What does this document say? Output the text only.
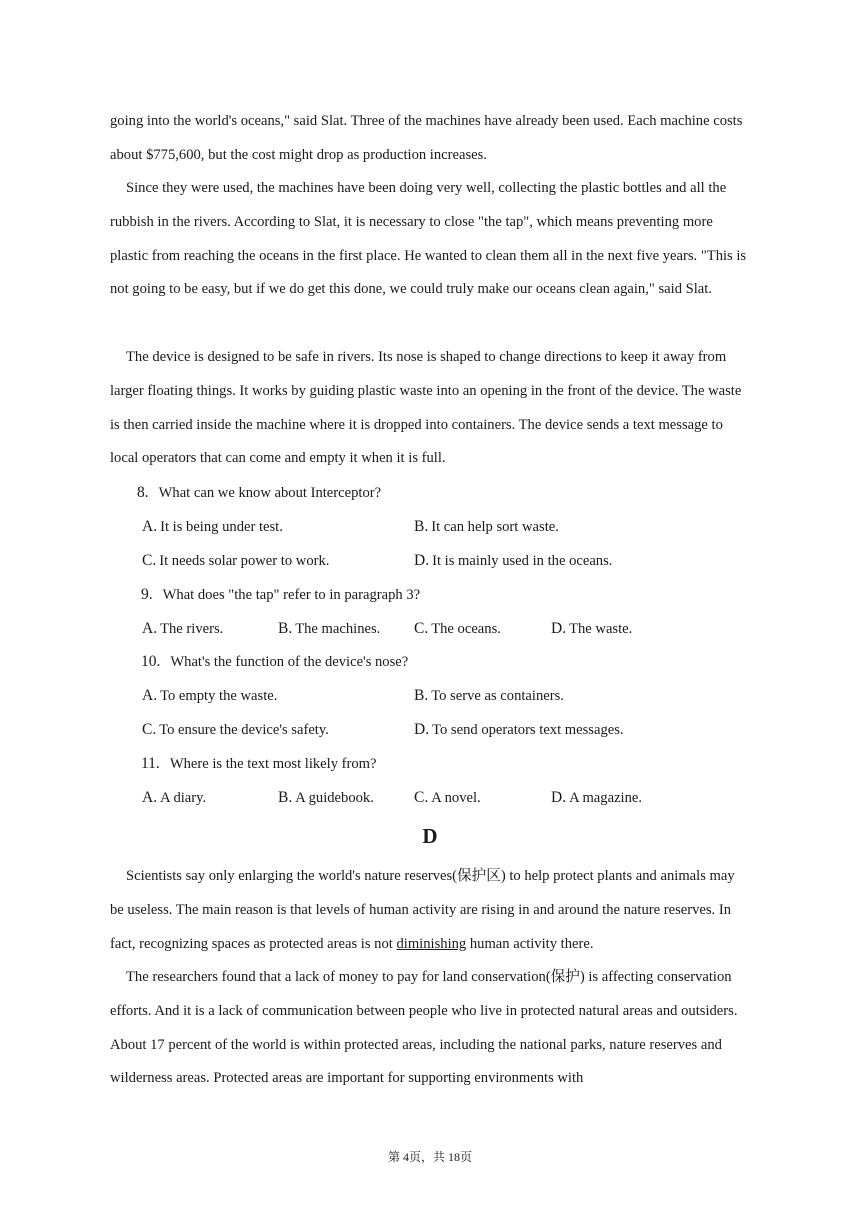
going into the world's oceans," said Slat. Three of the machines have already been used. Each machine costs about $775,600, but the cost might drop as production increases.

Since they were used, the machines have been doing very well, collecting the plastic bottles and all the rubbish in the rivers. According to Slat, it is necessary to close "the tap", which means preventing more plastic from reaching the oceans in the first place. He wanted to clean them all in the next five years. "This is not going to be easy, but if we do get this done, we could truly make our oceans clean again," said Slat.

The device is designed to be safe in rivers. Its nose is shaped to change directions to keep it away from larger floating things. It works by guiding plastic waste into an opening in the front of the device. The waste is then carried inside the machine where it is dropped into containers. The device sends a text message to local operators that can come and empty it when it is full.

8. What can we know about Interceptor?
A. It is being under test.	B. It can help sort waste.
C. It needs solar power to work.	D. It is mainly used in the oceans.
9. What does "the tap" refer to in paragraph 3?
A. The rivers.	B. The machines. C. The oceans.	D. The waste.
10. What's the function of the device's nose?
A. To empty the waste.	B. To serve as containers.
C. To ensure the device's safety.	D. To send operators text messages.
11. Where is the text most likely from?
A. A diary.	B. A guidebook.	C. A novel.	D. A magazine.
D

Scientists say only enlarging the world's nature reserves(保护区) to help protect plants and animals may be useless. The main reason is that levels of human activity are rising in and around the nature reserves. In fact, recognizing spaces as protected areas is not diminishing human activity there.

The researchers found that a lack of money to pay for land conservation(保护) is affecting conservation efforts. And it is a lack of communication between people who live in protected natural areas and outsiders. About 17 percent of the world is within protected areas, including the national parks, nature reserves and wilderness areas. Protected areas are important for supporting environments with

第 4页，共 18页
